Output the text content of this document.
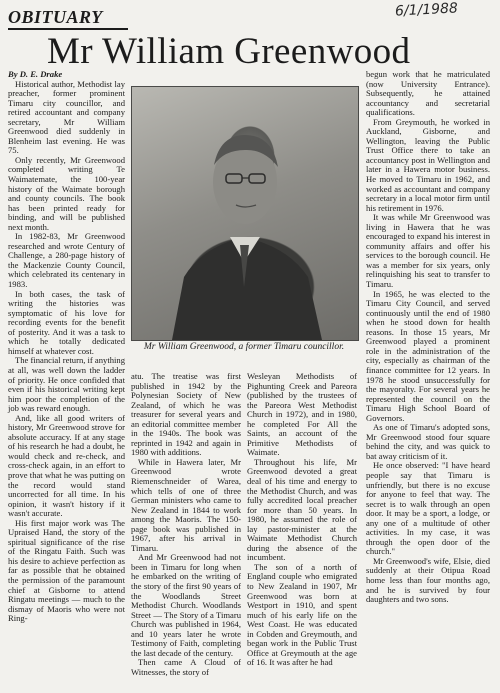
OBITUARY	6/1/1988
Mr William Greenwood

By D. E. Drake

Historical author, Methodist lay preacher, former prominent Timaru city councillor, and retired accountant and company secretary, Mr William Greenwood died suddenly in Blenheim last evening. He was 75.

Only recently, Mr Greenwood completed writing Te Waimatemate, the 100-year history of the Waimate borough and county councils. The book has been printed ready for binding, and will be published next month.

In 1982-83, Mr Greenwood researched and wrote Century of Challenge, a 280-page history of the Mackenzie County Council, which celebrated its centenary in 1983.

In both cases, the task of writing the histories was symptomatic of his love for recording events for the benefit of posterity. And it was a task to which he totally dedicated himself at whatever cost.

The financial return, if anything at all, was well down the ladder of priority. He once confided that even if his historical writing kept him poor the completion of the job was reward enough.

And, like all good writers of history, Mr Greenwood strove for absolute accuracy. If at any stage of his research he had a doubt, he would check and re-check, and cross-check again, in an effort to prove that what he was putting on the record would stand uncorrected for all time. In his opinion, it wasn't history if it wasn't accurate.

His first major work was The Upraised Hand, the story of the spiritual significance of the rise of the Ringatu Faith. Such was his desire to achieve perfection as far as possible that he obtained the permission of the paramount chief at Gisborne to attend Ringatu meetings — much to the dismay of Maoris who were not Ring-

Mr William Greenwood, a former Timaru councillor.

atu. The treatise was first published in 1942 by the Polynesian Society of New Zealand, of which he was treasurer for several years and an editorial committee member in the 1940s. The book was reprinted in 1942 and again in 1980 with additions.

While in Hawera later, Mr Greenwood wrote Riemenschneider of Warea, which tells of one of three German ministers who came to New Zealand in 1844 to work among the Maoris. The 150-page book was published in 1967, after his arrival in Timaru.

And Mr Greenwood had not been in Timaru for long when he embarked on the writing of the story of the first 90 years of the Woodlands Street Methodist Church. Woodlands Street — The Story of a Timaru Church was published in 1964, and 10 years later he wrote Testimony of Faith, completing the last decade of the century.

Then came A Cloud of Witnesses, the story of

Wesleyan Methodists of Pighunting Creek and Pareora (published by the trustees of the Pareora West Methodist Church in 1972), and in 1980, he completed For All the Saints, an account of the Primitive Methodists of Waimate.

Throughout his life, Mr Greenwood devoted a great deal of his time and energy to the Methodist Church, and was fully accredited local preacher for more than 50 years. In 1980, he assumed the role of lay pastor-minister at the Waimate Methodist Church during the absence of the incumbent.

The son of a north of England couple who emigrated to New Zealand in 1907, Mr Greenwood was born at Westport in 1910, and spent much of his early life on the West Coast. He was educated in Cobden and Greymouth, and began work in the Public Trust Office at Greymouth at the age of 16. It was after he had

begun work that he matriculated (now University Entrance). Subsequently, he attained accountancy and secretarial qualifications.

From Greymouth, he worked in Auckland, Gisborne, and Wellington, leaving the Public Trust Office there to take an accountancy post in Wellington and later in a Hawera motor business. He moved to Timaru in 1962, and worked as accountant and company secretary in a local motor firm until his retirement in 1976.

It was while Mr Greenwood was living in Hawera that he was encouraged to expand his interest in community affairs and offer his services to the borough council. He was a member for six years, only relinquishing his seat to transfer to Timaru.

In 1965, he was elected to the Timaru City Council, and served continuously until the end of 1980 when he stood down for health reasons. In those 15 years, Mr Greenwood played a prominent role in the administration of the city, especially as chairman of the finance committee for 12 years. In 1978 he stood unsuccessfully for the mayoralty. For several years he represented the council on the Timaru High School Board of Governors.

As one of Timaru's adopted sons, Mr Greenwood stood four square behind the city, and was quick to bat away criticism of it.

He once observed: "I have heard people say that Timaru is unfriendly, but there is no excuse for anyone to feel that way. The secret is to walk through an open door. It may be a sport, a lodge, or any one of a multitude of other activities. In my case, it was through the open door of the church."

Mr Greenwood's wife, Elsie, died suddenly at their Otipua Road home less than four months ago, and he is survived by four daughters and two sons.
